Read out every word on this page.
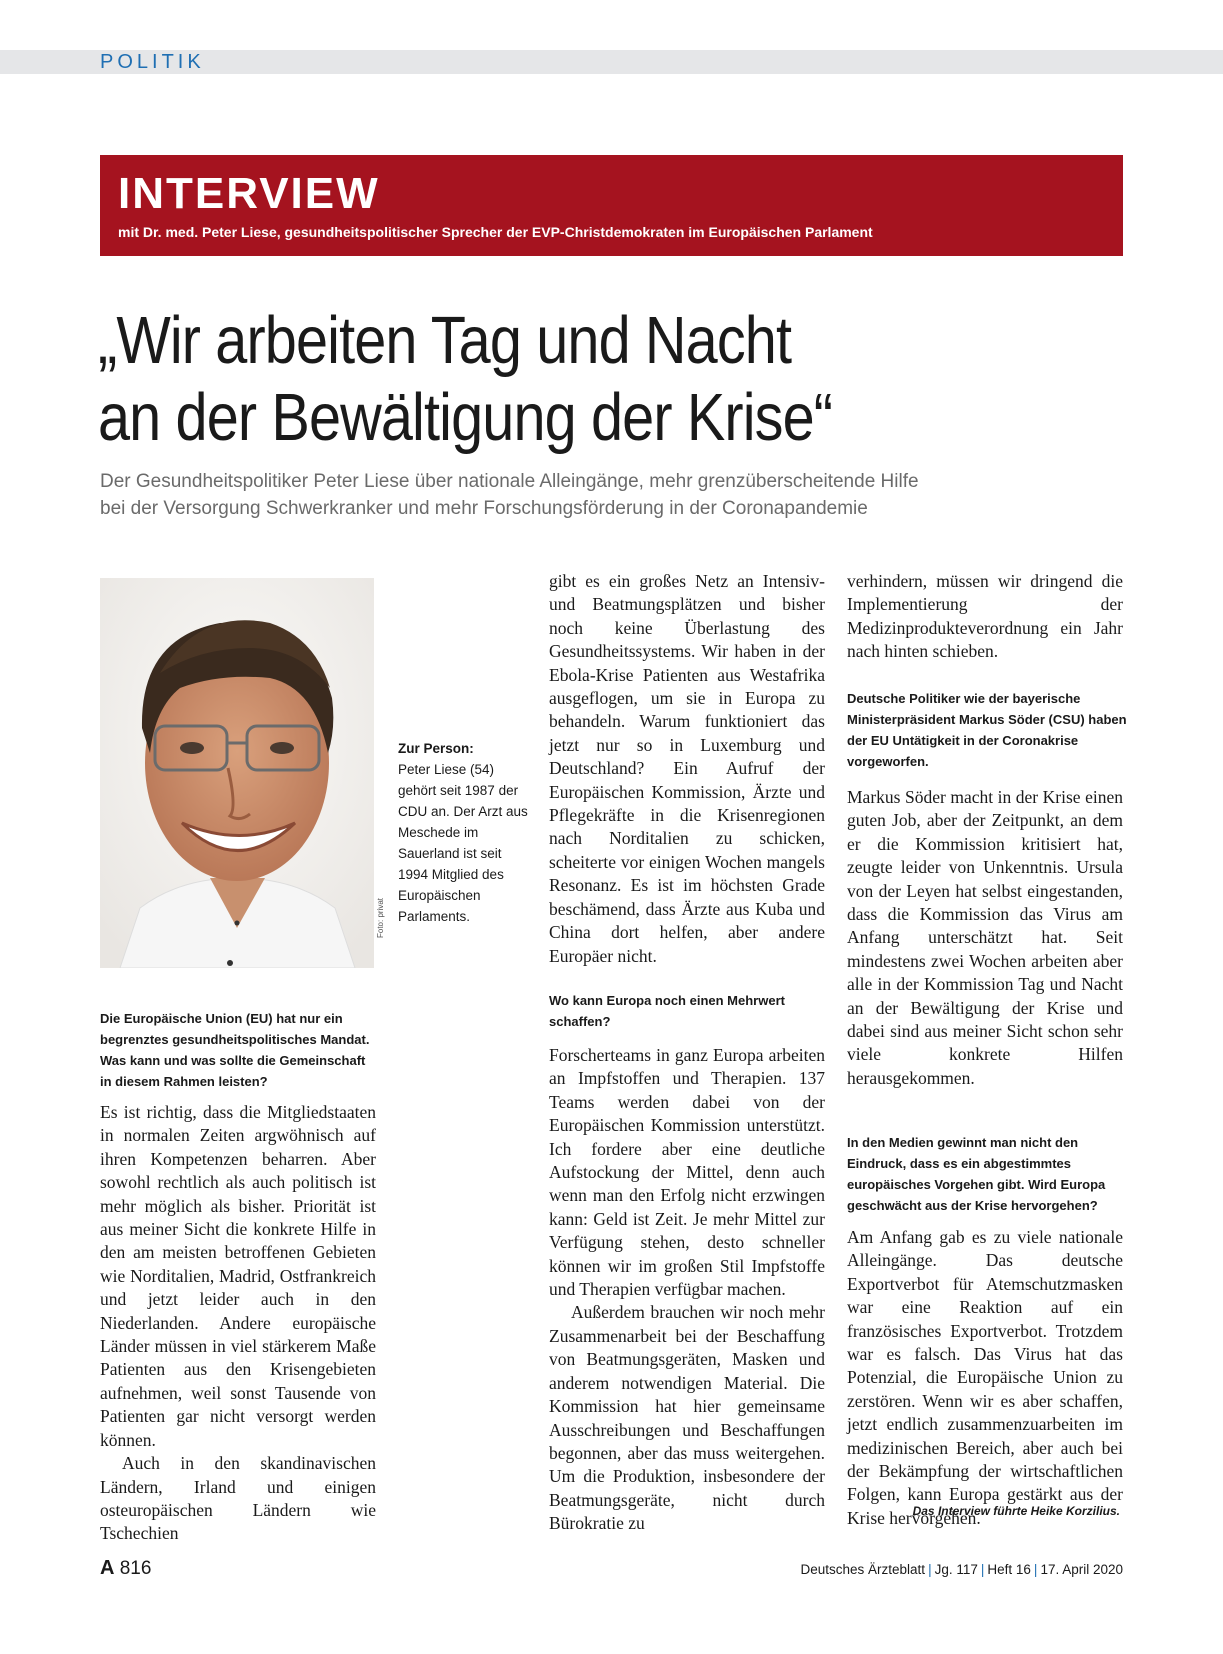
POLITIK
INTERVIEW
mit Dr. med. Peter Liese, gesundheitspolitischer Sprecher der EVP-Christdemokraten im Europäischen Parlament
„Wir arbeiten Tag und Nacht
an der Bewältigung der Krise“
Der Gesundheitspolitiker Peter Liese über nationale Alleingänge, mehr grenzüberscheitende Hilfe
bei der Versorgung Schwerkranker und mehr Forschungsförderung in der Coronapandemie
Foto: privat
Zur Person:
Peter Liese (54) gehört seit 1987 der CDU an. Der Arzt aus Meschede im Sauerland ist seit 1994 Mitglied des Europäischen Parlaments.
Die Europäische Union (EU) hat nur ein begrenztes gesundheitspolitisches Mandat. Was kann und was sollte die Gemeinschaft in diesem Rahmen leisten?

Es ist richtig, dass die Mitgliedstaaten in normalen Zeiten argwöhnisch auf ihren Kompetenzen beharren. Aber sowohl rechtlich als auch politisch ist mehr möglich als bisher. Priorität ist aus meiner Sicht die konkrete Hilfe in den am meisten betroffenen Gebieten wie Norditalien, Madrid, Ostfrankreich und jetzt leider auch in den Niederlanden. Andere europäische Länder müssen in viel stärkerem Maße Patienten aus den Krisengebieten aufnehmen, weil sonst Tausende von Patienten gar nicht versorgt werden können.

Auch in den skandinavischen Ländern, Irland und einigen osteuropäischen Ländern wie Tschechien

gibt es ein großes Netz an Intensiv- und Beatmungsplätzen und bisher noch keine Überlastung des Gesundheitssystems. Wir haben in der Ebola-Krise Patienten aus Westafrika ausgeflogen, um sie in Europa zu behandeln. Warum funktioniert das jetzt nur so in Luxemburg und Deutschland? Ein Aufruf der Europäischen Kommission, Ärzte und Pflegekräfte in die Krisenregionen nach Norditalien zu schicken, scheiterte vor einigen Wochen mangels Resonanz. Es ist im höchsten Grade beschämend, dass Ärzte aus Kuba und China dort helfen, aber andere Europäer nicht.

Wo kann Europa noch einen Mehrwert schaffen?

Forscherteams in ganz Europa arbeiten an Impfstoffen und Therapien. 137 Teams werden dabei von der Europäischen Kommission unterstützt. Ich fordere aber eine deutliche Aufstockung der Mittel, denn auch wenn man den Erfolg nicht erzwingen kann: Geld ist Zeit. Je mehr Mittel zur Verfügung stehen, desto schneller können wir im großen Stil Impfstoffe und Therapien verfügbar machen.

Außerdem brauchen wir noch mehr Zusammenarbeit bei der Beschaffung von Beatmungsgeräten, Masken und anderem notwendigen Material. Die Kommission hat hier gemeinsame Ausschreibungen und Beschaffungen begonnen, aber das muss weitergehen. Um die Produktion, insbesondere der Beatmungsgeräte, nicht durch Bürokratie zu

verhindern, müssen wir dringend die Implementierung der Medizinprodukteverordnung ein Jahr nach hinten schieben.

Deutsche Politiker wie der bayerische Ministerpräsident Markus Söder (CSU) haben der EU Untätigkeit in der Coronakrise vorgeworfen.

Markus Söder macht in der Krise einen guten Job, aber der Zeitpunkt, an dem er die Kommission kritisiert hat, zeugte leider von Unkenntnis. Ursula von der Leyen hat selbst eingestanden, dass die Kommission das Virus am Anfang unterschätzt hat. Seit mindestens zwei Wochen arbeiten aber alle in der Kommission Tag und Nacht an der Bewältigung der Krise und dabei sind aus meiner Sicht schon sehr viele konkrete Hilfen herausgekommen.

In den Medien gewinnt man nicht den Eindruck, dass es ein abgestimmtes europäisches Vorgehen gibt. Wird Europa geschwächt aus der Krise hervorgehen?

Am Anfang gab es zu viele nationale Alleingänge. Das deutsche Exportverbot für Atemschutzmasken war eine Reaktion auf ein französisches Exportverbot. Trotzdem war es falsch. Das Virus hat das Potenzial, die Europäische Union zu zerstören. Wenn wir es aber schaffen, jetzt endlich zusammenzuarbeiten im medizinischen Bereich, aber auch bei der Bekämpfung der wirtschaftlichen Folgen, kann Europa gestärkt aus der Krise hervorgehen.

Das Interview führte Heike Korzilius.
A 816	Deutsches Ärzteblatt | Jg. 117 | Heft 16 | 17. April 2020
